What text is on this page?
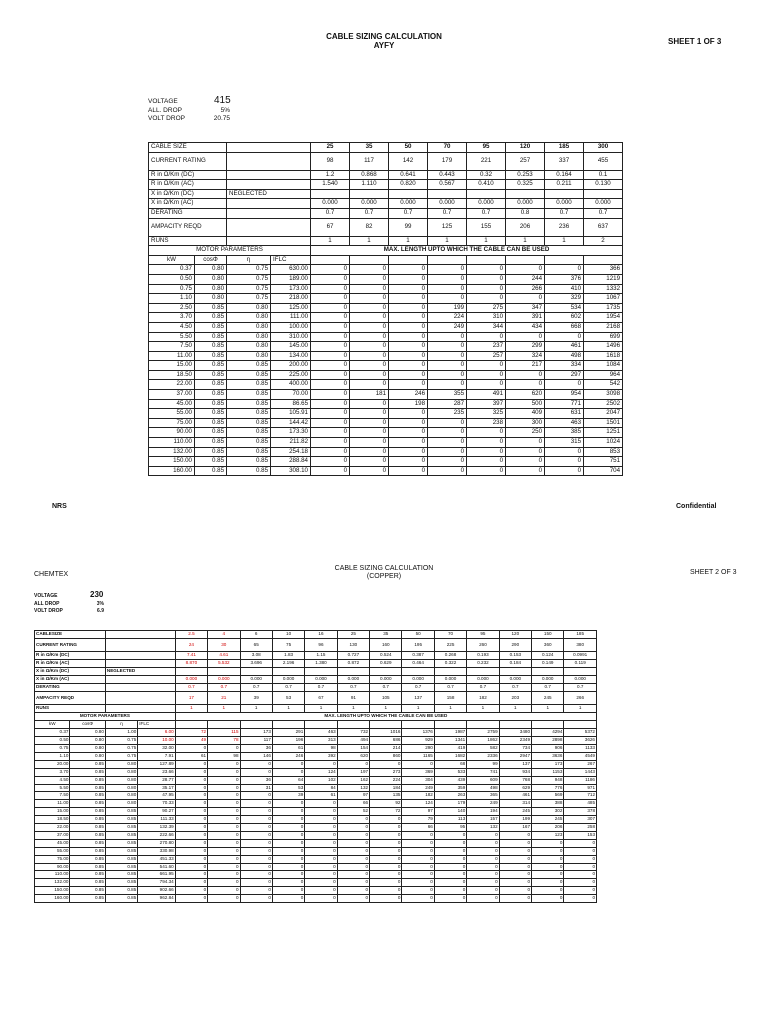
CABLE SIZING CALCULATION
AYFY	SHEET 1 OF 3
VOLTAGE	415
ALL. DROP	5%
VOLT DROP	20.75
CABLE SIZE				25	35	50	70	95	120	185	300
CURRENT RATING				98	117	142	179	221	257	337	455
R in Ω/Km (DC)				1.2	0.868	0.641	0.443	0.32	0.253	0.164	0.1
R in Ω/Km (AC)				1.540	1.110	0.820	0.567	0.410	0.325	0.211	0.130
X in Ω/Km (DC)		NEGLECTED									
X in Ω/Km (AC)				0.000	0.000	0.000	0.000	0.000	0.000	0.000	0.000
DERATING				0.7	0.7	0.7	0.7	0.7	0.8	0.7	0.7
AMPACITY REQD				67	82	99	125	155	206	236	637
RUNS				1	1	1	1	1	1	1	2
MOTOR PARAMETERS				MAX. LENGTH UPTO WHICH THE CABLE CAN BE USED							
kW	cosΦ	η	IFLC								
0.37	0.80	0.75	630.00	0	0	0	0	0	0	0	366
0.50	0.80	0.75	189.00	0	0	0	0	0	244	376	1219
0.75	0.80	0.75	173.00	0	0	0	0	0	266	410	1332
1.10	0.80	0.75	218.00	0	0	0	0	0	0	329	1067
2.50	0.85	0.80	125.00	0	0	0	199	275	347	534	1735
3.70	0.85	0.80	111.00	0	0	0	224	310	391	602	1954
4.50	0.85	0.80	100.00	0	0	0	249	344	434	668	2168
5.50	0.85	0.80	310.00	0	0	0	0	0	0	0	699
7.50	0.85	0.80	145.00	0	0	0	0	237	299	461	1496
11.00	0.85	0.80	134.00	0	0	0	0	257	324	498	1618
15.00	0.85	0.85	200.00	0	0	0	0	0	217	334	1084
18.50	0.85	0.85	225.00	0	0	0	0	0	0	297	964
22.00	0.85	0.85	400.00	0	0	0	0	0	0	0	542
37.00	0.85	0.85	70.00	0	181	246	355	491	620	954	3098
45.00	0.85	0.85	86.65	0	0	198	287	397	500	771	2502
55.00	0.85	0.85	105.91	0	0	0	235	325	409	631	2047
75.00	0.85	0.85	144.42	0	0	0	0	238	300	463	1501
90.00	0.85	0.85	173.30	0	0	0	0	0	250	385	1251
110.00	0.85	0.85	211.82	0	0	0	0	0	0	315	1024
132.00	0.85	0.85	254.18	0	0	0	0	0	0	0	853
150.00	0.85	0.85	288.84	0	0	0	0	0	0	0	751
160.00	0.85	0.85	308.10	0	0	0	0	0	0	0	704
NRS	Confidential
CHEMTEX
CABLE SIZING CALCULATION
(COPPER)
SHEET 2 OF 3
VOLTAGE	230
ALL DROP	3%
VOLT DROP	6.9
CABLESIZE				2.5	4	6	10	16	25	35	50	70	95	120	150	185
CURRENT RATING				24	30	65	75	96	130	160	195	225	260	290	360	380
R in Ω/Km (DC)				7.41	4.61	3.08	1.83	1.15	0.727	0.524	0.387	0.268	0.193	0.153	0.124	0.0991
R in Ω/Km (AC)				8.870	5.532	3.696	2.196	1.380	0.872	0.629	0.464	0.322	0.232	0.184	0.149	0.119
X in Ω/Km (DC)		NEGLECTED														
X in Ω/Km (AC)				0.000	0.000	0.000	0.000	0.000	0.000	0.000	0.000	0.000	0.000	0.000	0.000	0.000
DERATING				0.7	0.7	0.7	0.7	0.7	0.7	0.7	0.7	0.7	0.7	0.7	0.7	0.7
AMPACITY REQD				17	21	39	53	67	91	105	137	158	182	203	245	266
RUNS				1	1	1	1	1	1	1	1	1	1	1	1	1
MOTOR PARAMETERS				MAX. LENGTH UPTO WHICH THE CABLE CAN BE USED												
kW	cosΦ	η	IFLC													
0.37	0.80	1.00	6.00	72	115	173	291	463	732	1016	1376	1987	2759	3480	4294	5372
0.50	0.80	0.75	10.00	49	78	117	196	313	494	686	929	1341	1862	2349	2898	3626
0.75	0.80	0.75	32.00	0	0	36	61	98	154	214	290	419	582	734	906	1133
1.10	0.80	0.75	7.91	61	98	146	246	392	620	860	1165	1682	2336	2947	3636	4549
20.00	0.85	0.80	127.89	0	0	0	0	0	0	0	0	68	99	137	173	267
3.70	0.85	0.80	23.66	0	0	0	0	124	197	273	369	533	741	934	1153	1443
4.50	0.85	0.80	28.77	0	0	36	64	102	162	224	304	439	609	768	948	1186
5.50	0.85	0.80	35.17	0	0	31	53	84	132	184	249	359	498	629	776	971
7.50	0.85	0.80	47.95	0	0	0	39	61	97	135	182	263	365	461	569	712
11.00	0.85	0.80	70.33	0	0	0	0	0	66	92	124	179	249	314	388	485
15.00	0.85	0.85	90.27	0	0	0	0	0	52	72	97	140	194	245	302	378
18.50	0.85	0.85	111.33	0	0	0	0	0	0	0	79	113	157	199	245	307
22.00	0.85	0.85	132.39	0	0	0	0	0	0	0	66	95	132	167	206	258
37.00	0.85	0.85	222.66	0	0	0	0	0	0	0	0	0	0	0	123	153
45.00	0.85	0.85	270.80	0	0	0	0	0	0	0	0	0	0	0	0	0
55.00	0.85	0.85	330.98	0	0	0	0	0	0	0	0	0	0	0	0	0
75.00	0.85	0.85	451.33	0	0	0	0	0	0	0	0	0	0	0	0	0
90.00	0.85	0.85	541.60	0	0	0	0	0	0	0	0	0	0	0	0	0
110.00	0.85	0.85	661.95	0	0	0	0	0	0	0	0	0	0	0	0	0
132.00	0.85	0.85	794.34	0	0	0	0	0	0	0	0	0	0	0	0	0
150.00	0.85	0.85	902.66	0	0	0	0	0	0	0	0	0	0	0	0	0
160.00	0.85	0.85	962.84	0	0	0	0	0	0	0	0	0	0	0	0	0
